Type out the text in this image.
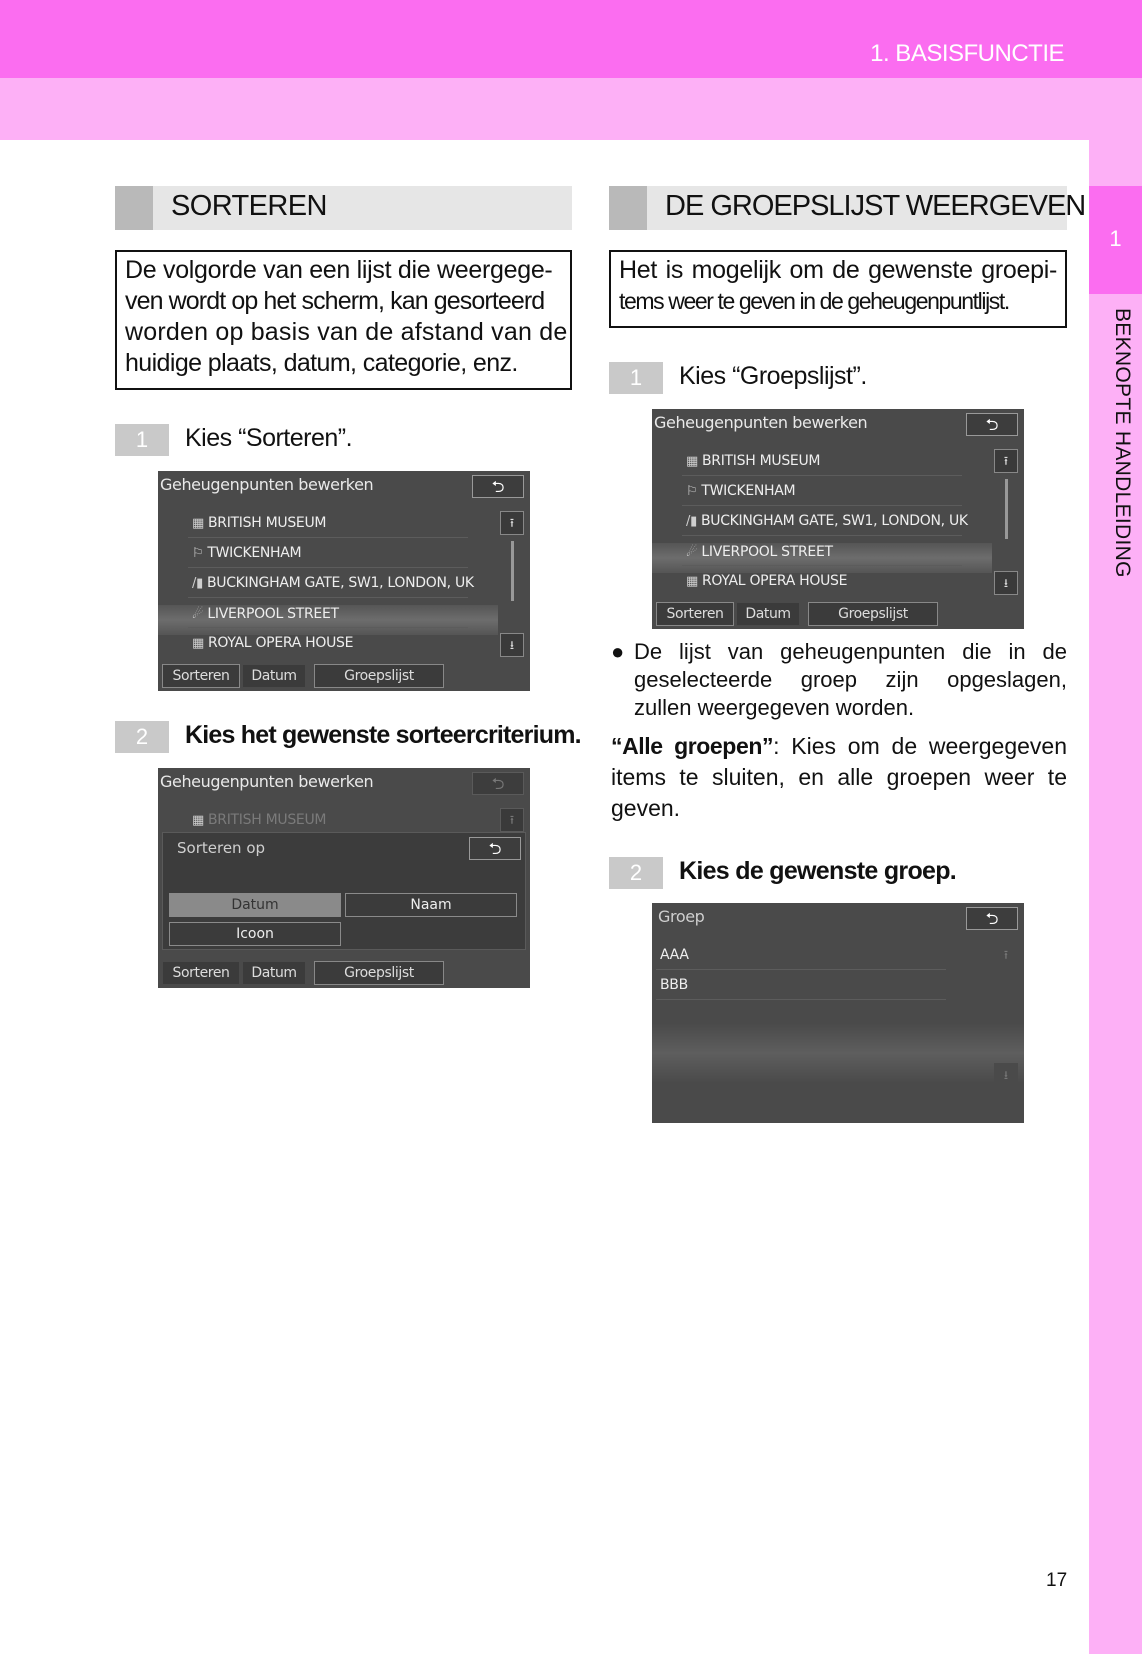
1. BASISFUNCTIE
1
BEKNOPTE HANDLEIDING
SORTEREN
De volgorde van een lijst die weergege-
ven wordt op het scherm, kan gesorteerd
worden op basis van de afstand van de
huidige plaats, datum, categorie, enz.
1	Kies “Sorteren”.
Geheugenpunten bewerken	⮌
▦ BRITISH MUSEUM
⚐ TWICKENHAM
/▮ BUCKINGHAM GATE, SW1, LONDON, UK
☄ LIVERPOOL STREET
▦ ROYAL OPERA HOUSE
⭱
⭳
Sorteren	Datum	Groepslijst
2	Kies het gewenste sorteercriterium.
Geheugenpunten bewerken	⮌
▦ BRITISH MUSEUM	⭱
Sorteren op	⮌
Datum	Naam
Icoon
Sorteren	Datum	Groepslijst
DE GROEPSLIJST WEERGEVEN
Het is mogelijk om de gewenste groepi-
tems weer te geven in de geheugenpuntlijst.
1	Kies “Groepslijst”.
Geheugenpunten bewerken	⮌
▦ BRITISH MUSEUM
⚐ TWICKENHAM
/▮ BUCKINGHAM GATE, SW1, LONDON, UK
☄ LIVERPOOL STREET
▦ ROYAL OPERA HOUSE
⭱
⭳
Sorteren	Datum	Groepslijst
● De lijst van geheugenpunten die in de
geselecteerde groep zijn opgeslagen,
zullen weergegeven worden.
“Alle groepen”: Kies om de weergegeven
items te sluiten, en alle groepen weer te
geven.
2	Kies de gewenste groep.
Groep	⮌
AAA
BBB
⭱
⭳
17
